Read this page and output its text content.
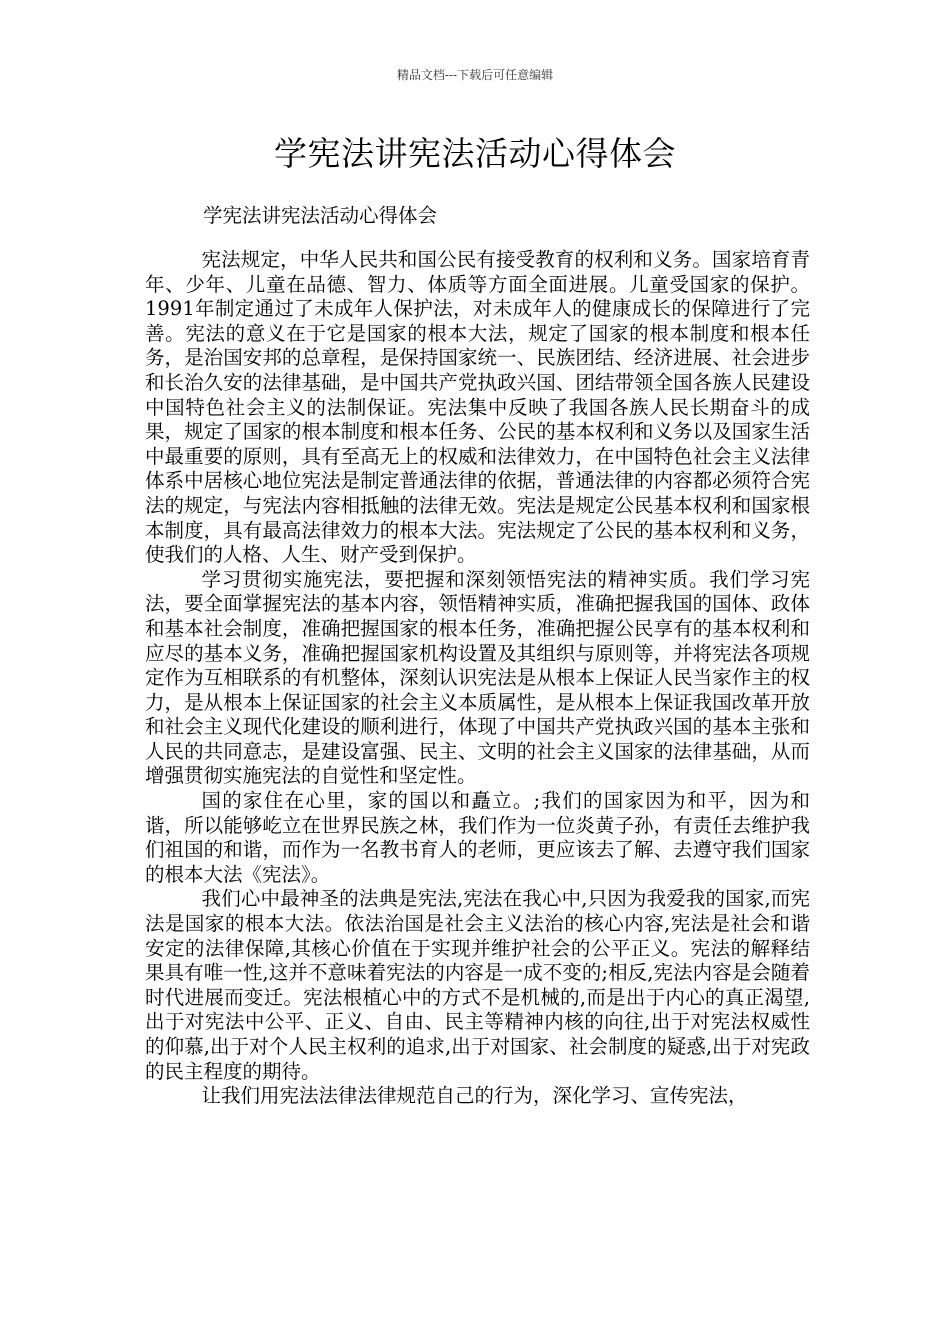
精品文档---下载后可任意编辑
学宪法讲宪法活动心得体会
学宪法讲宪法活动心得体会

宪法规定，中华人民共和国公民有接受教育的权利和义务。国家培育青年、少年、儿童在品德、智力、体质等方面全面进展。儿童受国家的保护。1991年制定通过了未成年人保护法，对未成年人的健康成长的保障进行了完善。宪法的意义在于它是国家的根本大法，规定了国家的根本制度和根本任务，是治国安邦的总章程，是保持国家统一、民族团结、经济进展、社会进步和长治久安的法律基础，是中国共产党执政兴国、团结带领全国各族人民建设中国特色社会主义的法制保证。宪法集中反映了我国各族人民长期奋斗的成果，规定了国家的根本制度和根本任务、公民的基本权利和义务以及国家生活中最重要的原则，具有至高无上的权威和法律效力，在中国特色社会主义法律体系中居核心地位宪法是制定普通法律的依据，普通法律的内容都必须符合宪法的规定，与宪法内容相抵触的法律无效。宪法是规定公民基本权利和国家根本制度，具有最高法律效力的根本大法。宪法规定了公民的基本权利和义务，使我们的人格、人生、财产受到保护。

学习贯彻实施宪法，要把握和深刻领悟宪法的精神实质。我们学习宪法，要全面掌握宪法的基本内容，领悟精神实质，准确把握我国的国体、政体和基本社会制度，准确把握国家的根本任务，准确把握公民享有的基本权利和应尽的基本义务，准确把握国家机构设置及其组织与原则等，并将宪法各项规定作为互相联系的有机整体，深刻认识宪法是从根本上保证人民当家作主的权力，是从根本上保证国家的社会主义本质属性，是从根本上保证我国改革开放和社会主义现代化建设的顺利进行，体现了中国共产党执政兴国的基本主张和人民的共同意志，是建设富强、民主、文明的社会主义国家的法律基础，从而增强贯彻实施宪法的自觉性和坚定性。

国的家住在心里，家的国以和矗立。;我们的国家因为和平，因为和谐，所以能够屹立在世界民族之林，我们作为一位炎黄子孙，有责任去维护我们祖国的和谐，而作为一名教书育人的老师，更应该去了解、去遵守我们国家的根本大法《宪法》。

我们心中最神圣的法典是宪法,宪法在我心中,只因为我爱我的国家,而宪法是国家的根本大法。依法治国是社会主义法治的核心内容,宪法是社会和谐安定的法律保障,其核心价值在于实现并维护社会的公平正义。宪法的解释结果具有唯一性,这并不意味着宪法的内容是一成不变的;相反,宪法内容是会随着时代进展而变迁。宪法根植心中的方式不是机械的,而是出于内心的真正渴望,出于对宪法中公平、正义、自由、民主等精神内核的向往,出于对宪法权威性的仰慕,出于对个人民主权利的追求,出于对国家、社会制度的疑惑,出于对宪政的民主程度的期待。

让我们用宪法法律法律规范自己的行为，深化学习、宣传宪法，
